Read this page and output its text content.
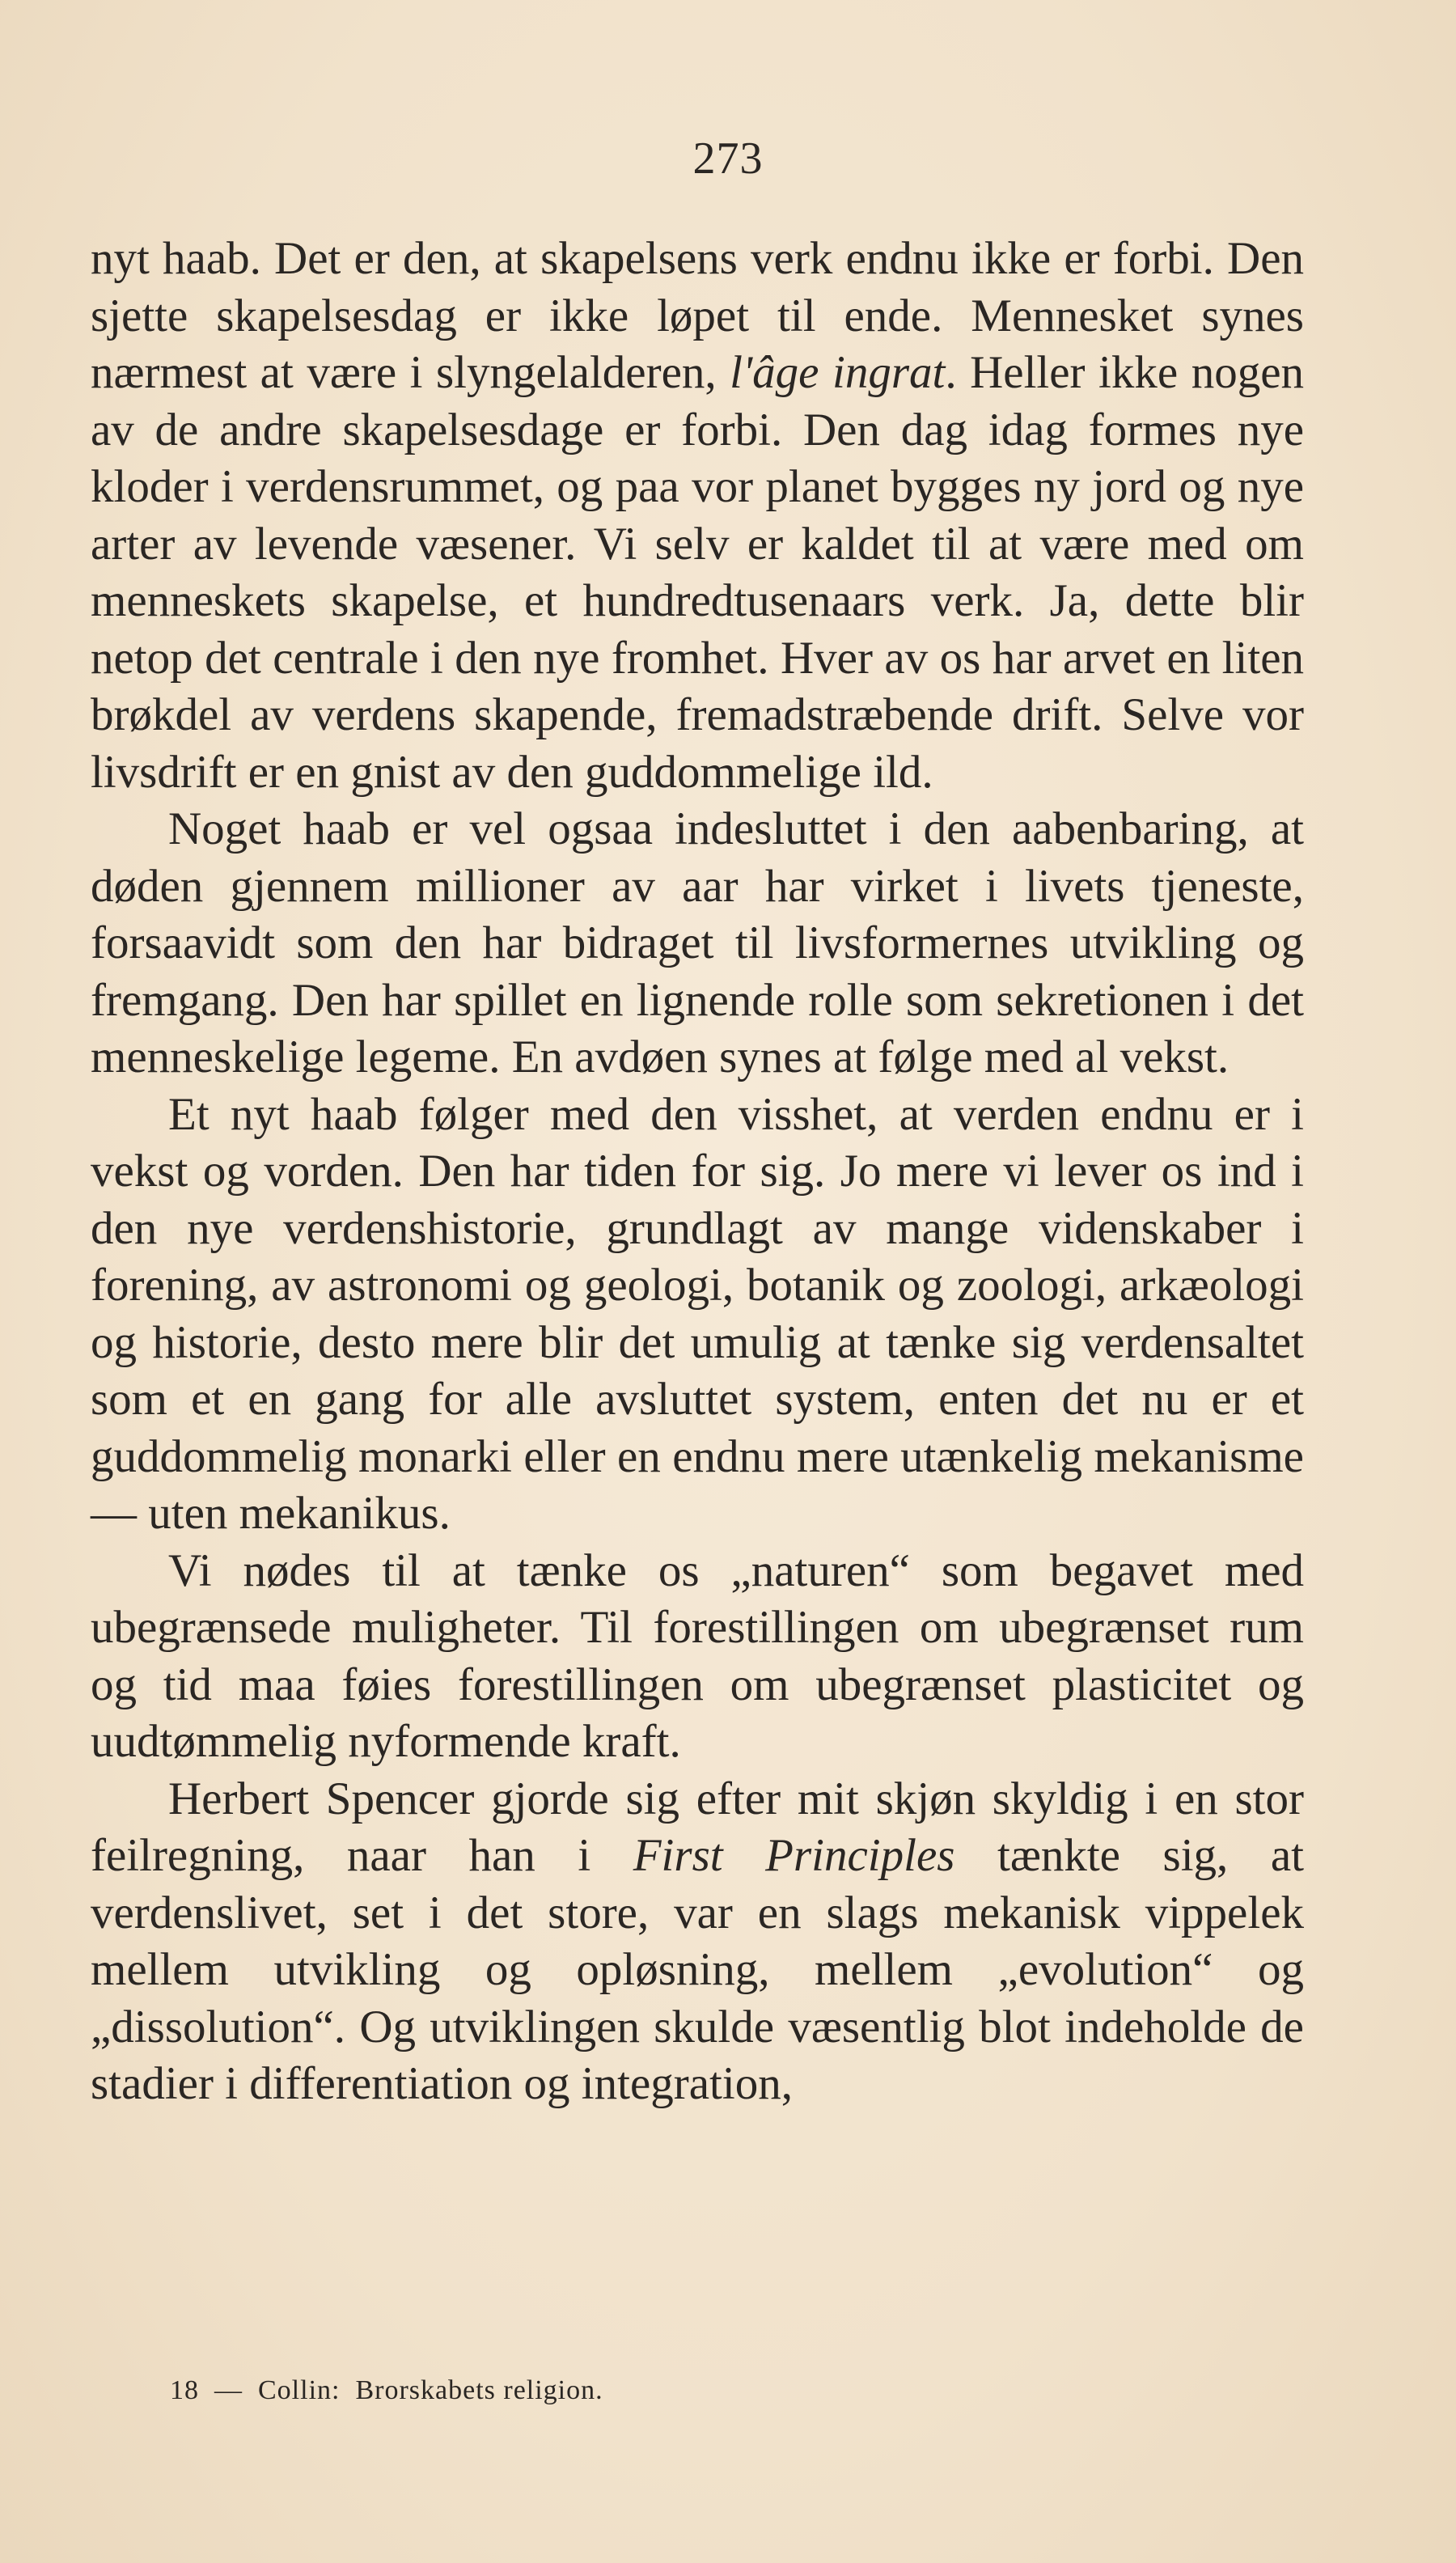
273

nyt haab. Det er den, at skapelsens verk endnu ikke er forbi. Den sjette skapelsesdag er ikke løpet til ende. Mennesket synes nærmest at være i slyngelalderen, l'âge ingrat. Heller ikke nogen av de andre skapelsesdage er forbi. Den dag idag formes nye kloder i verdensrummet, og paa vor planet bygges ny jord og nye arter av levende væsener. Vi selv er kaldet til at være med om menneskets skapelse, et hundredtusenaars verk. Ja, dette blir netop det centrale i den nye fromhet. Hver av os har arvet en liten brøkdel av verdens skapende, fremadstræbende drift. Selve vor livsdrift er en gnist av den guddommelige ild.

Noget haab er vel ogsaa indesluttet i den aabenbaring, at døden gjennem millioner av aar har virket i livets tjeneste, forsaavidt som den har bidraget til livsformernes utvikling og fremgang. Den har spillet en lignende rolle som sekretionen i det menneskelige legeme. En avdøen synes at følge med al vekst.

Et nyt haab følger med den visshet, at verden endnu er i vekst og vorden. Den har tiden for sig. Jo mere vi lever os ind i den nye verdenshistorie, grundlagt av mange videnskaber i forening, av astronomi og geologi, botanik og zoologi, arkæologi og historie, desto mere blir det umulig at tænke sig verdensaltet som et en gang for alle avsluttet system, enten det nu er et guddommelig monarki eller en endnu mere utænkelig mekanisme — uten mekanikus.

Vi nødes til at tænke os „naturen“ som begavet med ubegrænsede muligheter. Til forestillingen om ubegrænset rum og tid maa føies forestillingen om ubegrænset plasticitet og uudtømmelig nyformende kraft.

Herbert Spencer gjorde sig efter mit skjøn skyldig i en stor feilregning, naar han i First Principles tænkte sig, at verdenslivet, set i det store, var en slags mekanisk vippelek mellem utvikling og opløsning, mellem „evolution“ og „dissolution“. Og utviklingen skulde væsentlig blot indeholde de stadier i differentiation og integration,

18  —  Collin:  Brorskabets religion.
